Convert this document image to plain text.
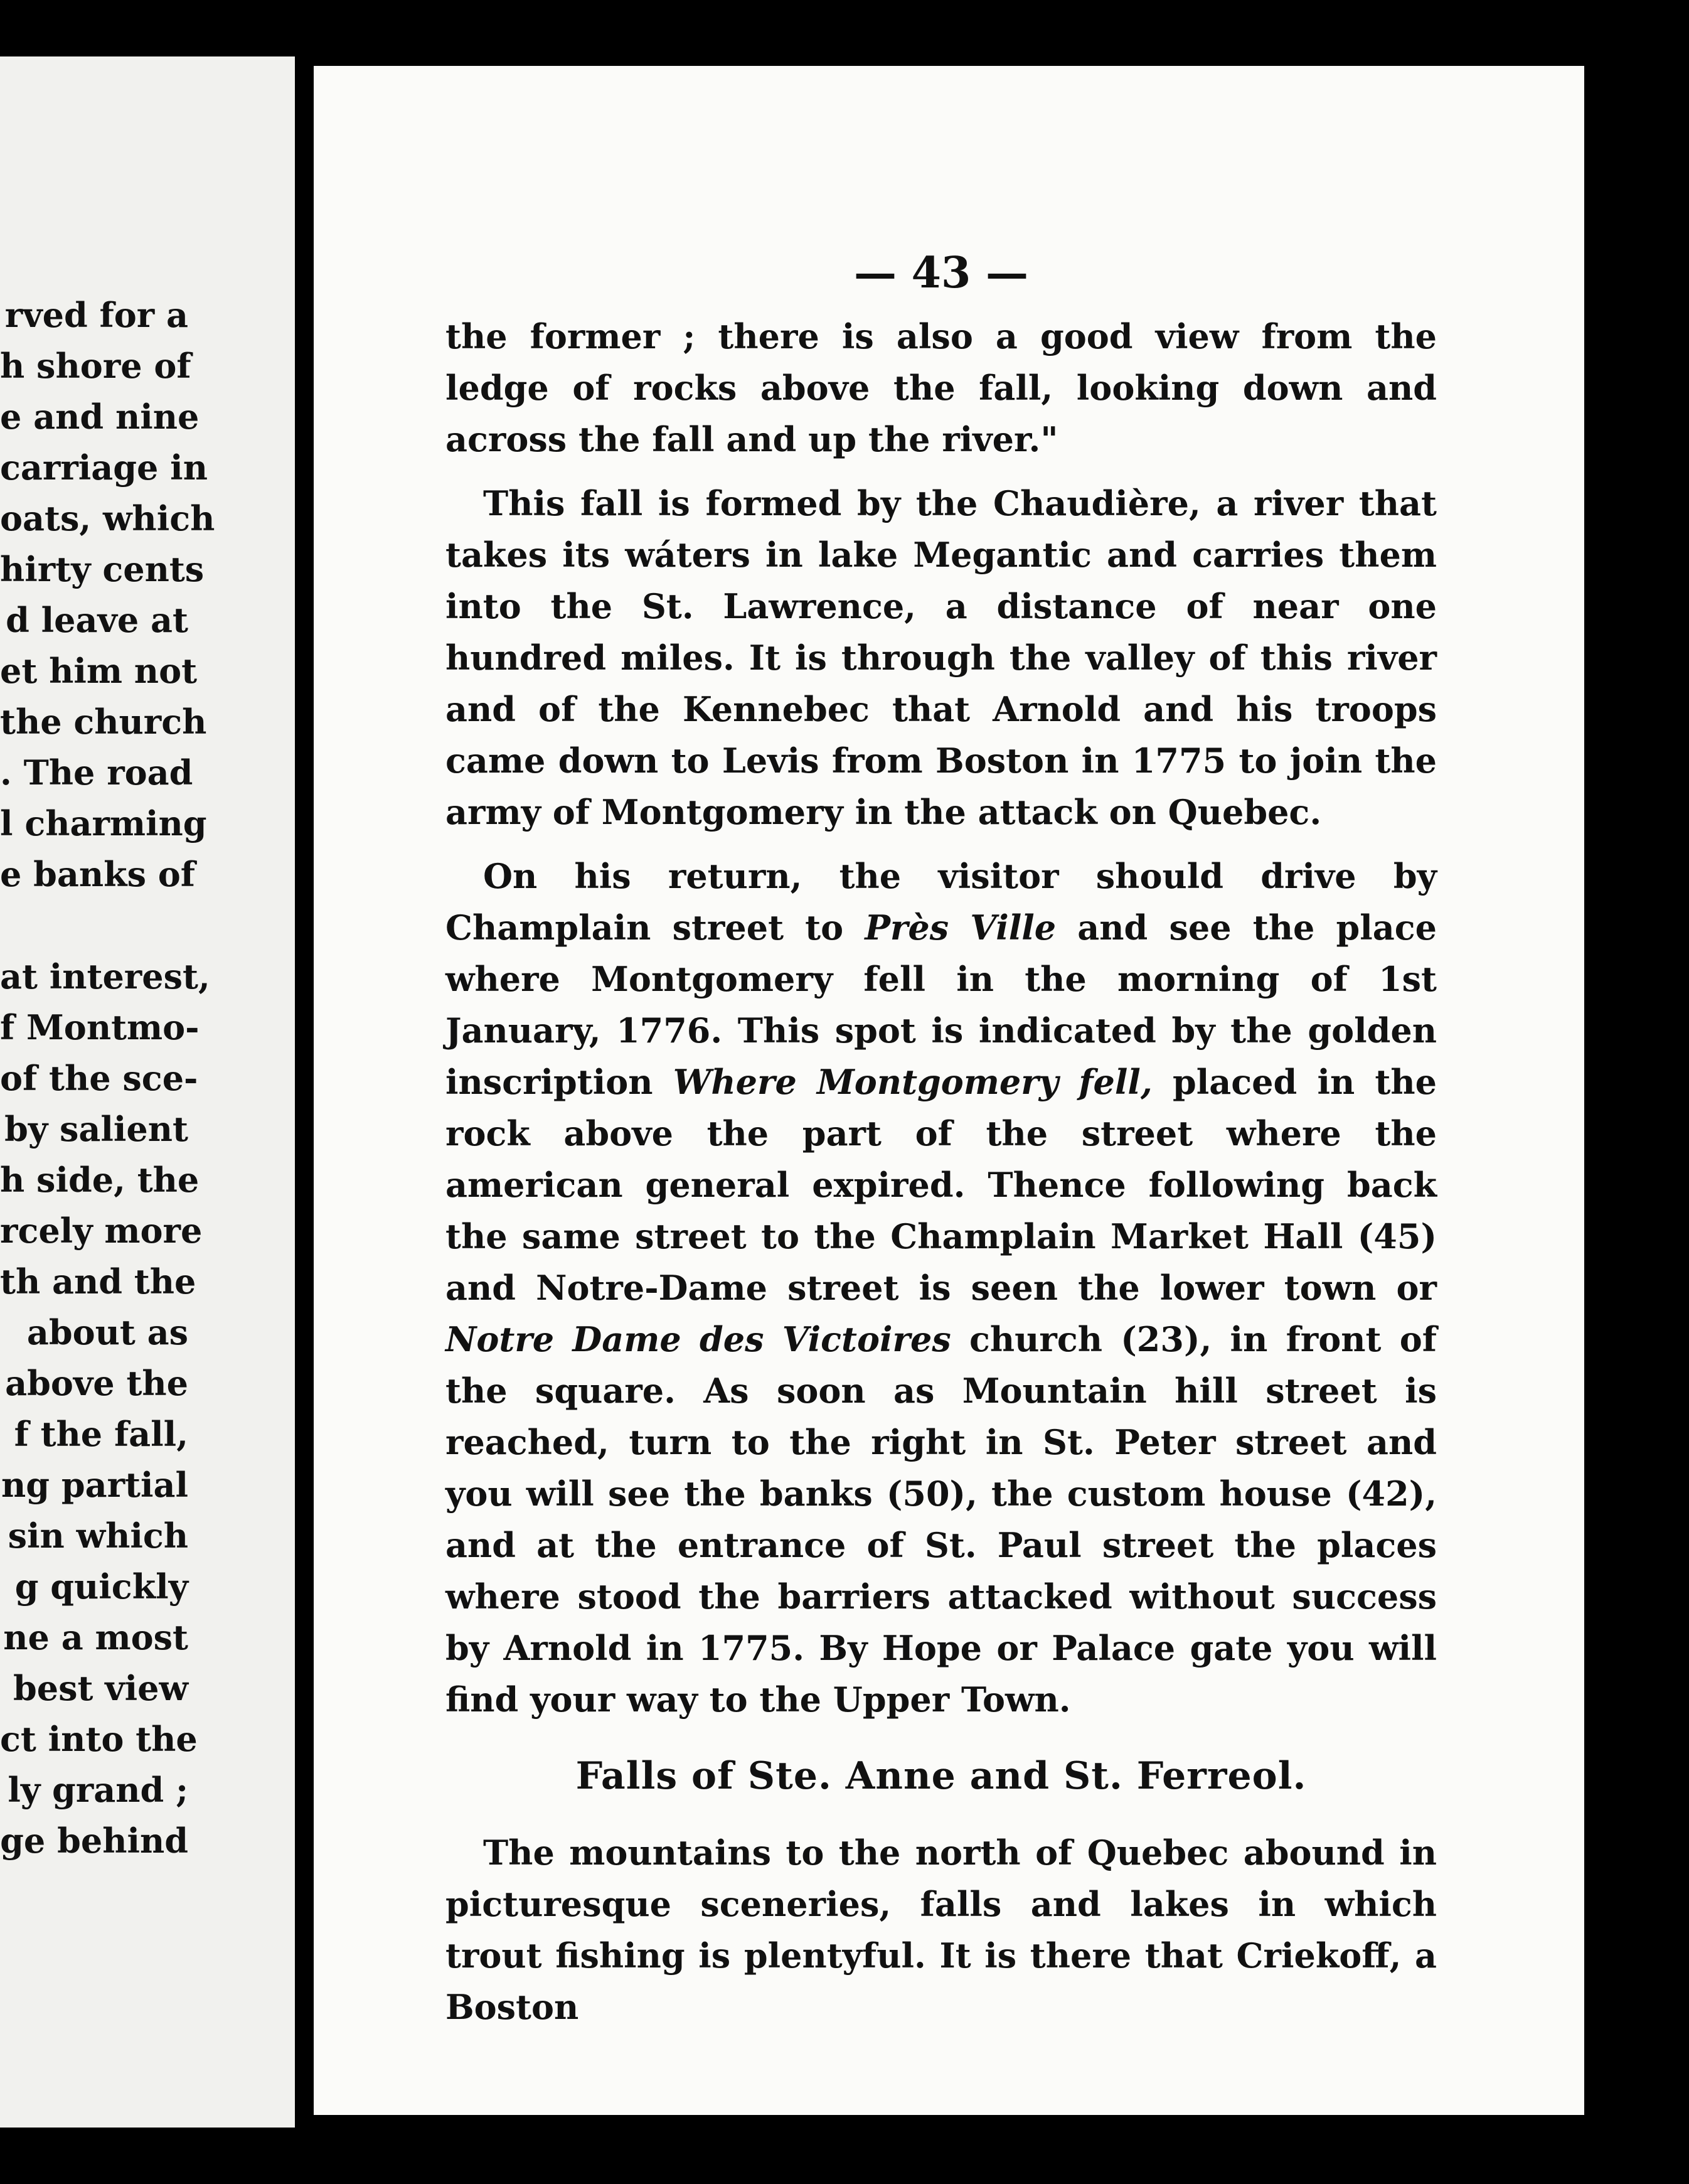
rved for a
h shore of
e and nine
carriage in
oats, which
hirty cents
d leave at
et him not
the church
. The road
l charming
e banks of
at interest,
f Montmo-
of the sce-
by salient
h side, the
rcely more
th and the
about as
above the
f the fall,
ng partial
sin which
g quickly
ne a most
best view
ct into the
ly grand ;
ge behind
— 43 —

the former ; there is also a good view from the ledge of rocks above the fall, looking down and across the fall and up the river."

This fall is formed by the Chaudière, a river that takes its wáters in lake Megantic and carries them into the St. Lawrence, a distance of near one hundred miles. It is through the valley of this river and of the Kennebec that Arnold and his troops came down to Levis from Boston in 1775 to join the army of Montgomery in the attack on Quebec.

On his return, the visitor should drive by Champlain street to Près Ville and see the place where Montgomery fell in the morning of 1st January, 1776. This spot is indicated by the golden inscription Where Montgomery fell, placed in the rock above the part of the street where the american general expired. Thence following back the same street to the Champlain Market Hall (45) and Notre-Dame street is seen the lower town or Notre Dame des Victoires church (23), in front of the square. As soon as Mountain hill street is reached, turn to the right in St. Peter street and you will see the banks (50), the custom house (42), and at the entrance of St. Paul street the places where stood the barriers attacked without success by Arnold in 1775. By Hope or Palace gate you will find your way to the Upper Town.

Falls of Ste. Anne and St. Ferreol.

The mountains to the north of Quebec abound in picturesque sceneries, falls and lakes in which trout fishing is plentyful. It is there that Criekoff, a Boston
